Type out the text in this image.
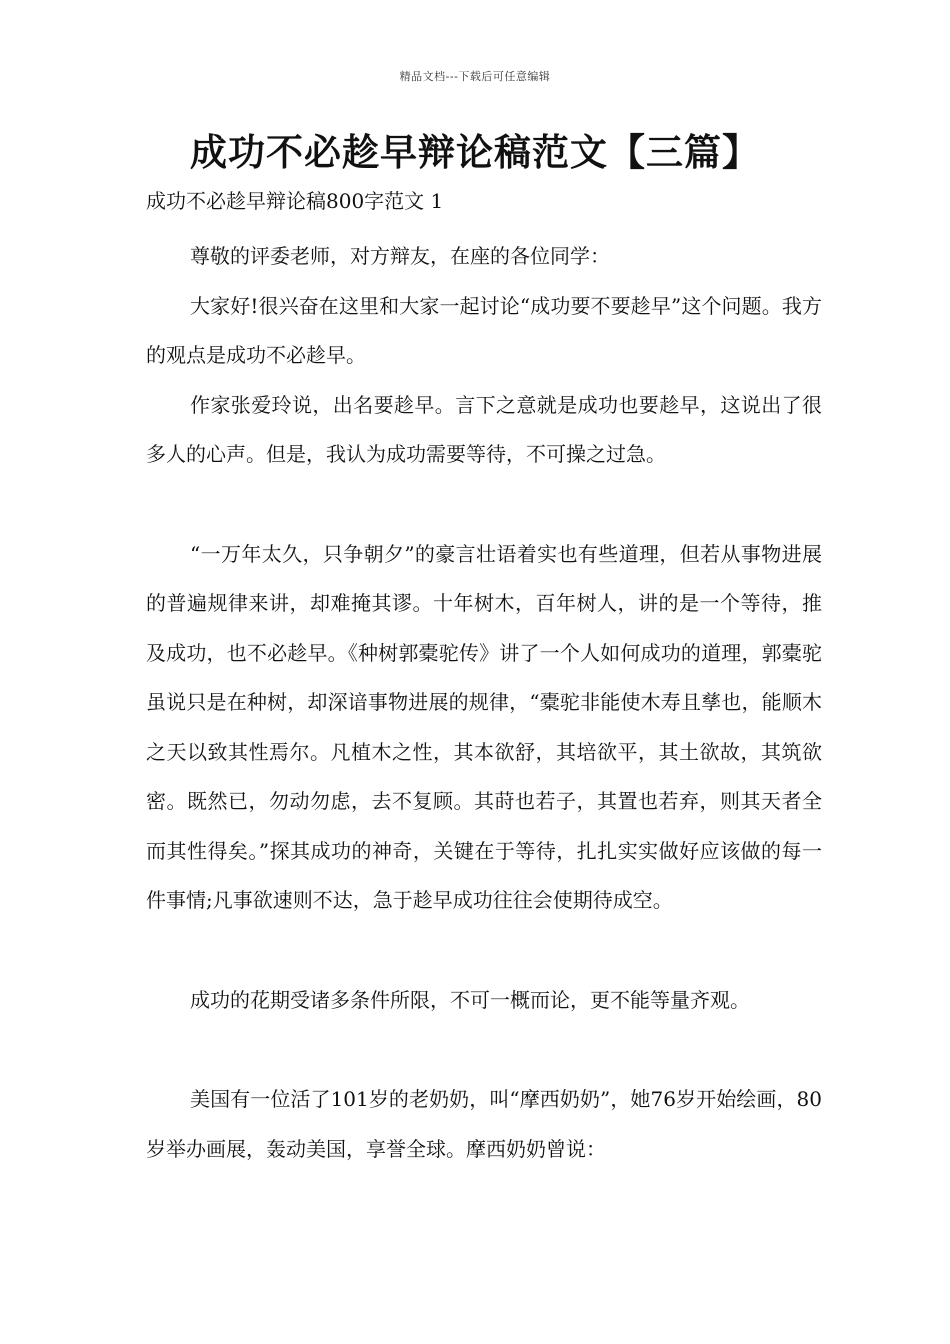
精品文档---下载后可任意编辑
成功不必趁早辩论稿范文【三篇】
成功不必趁早辩论稿800字范文 1

尊敬的评委老师，对方辩友，在座的各位同学：

大家好!很兴奋在这里和大家一起讨论“成功要不要趁早”这个问题。我方的观点是成功不必趁早。

作家张爱玲说，出名要趁早。言下之意就是成功也要趁早，这说出了很多人的心声。但是，我认为成功需要等待，不可操之过急。

“一万年太久，只争朝夕”的豪言壮语着实也有些道理，但若从事物进展的普遍规律来讲，却难掩其谬。十年树木，百年树人，讲的是一个等待，推及成功，也不必趁早。《种树郭橐驼传》讲了一个人如何成功的道理，郭橐驼虽说只是在种树，却深谙事物进展的规律，“橐驼非能使木寿且孳也，能顺木之天以致其性焉尔。凡植木之性，其本欲舒，其培欲平，其土欲故，其筑欲密。既然已，勿动勿虑，去不复顾。其莳也若子，其置也若弃，则其天者全而其性得矣。”探其成功的神奇，关键在于等待，扎扎实实做好应该做的每一件事情;凡事欲速则不达，急于趁早成功往往会使期待成空。

成功的花期受诸多条件所限，不可一概而论，更不能等量齐观。

美国有一位活了101岁的老奶奶，叫“摩西奶奶”，她76岁开始绘画，80岁举办画展，轰动美国，享誉全球。摩西奶奶曾说：
